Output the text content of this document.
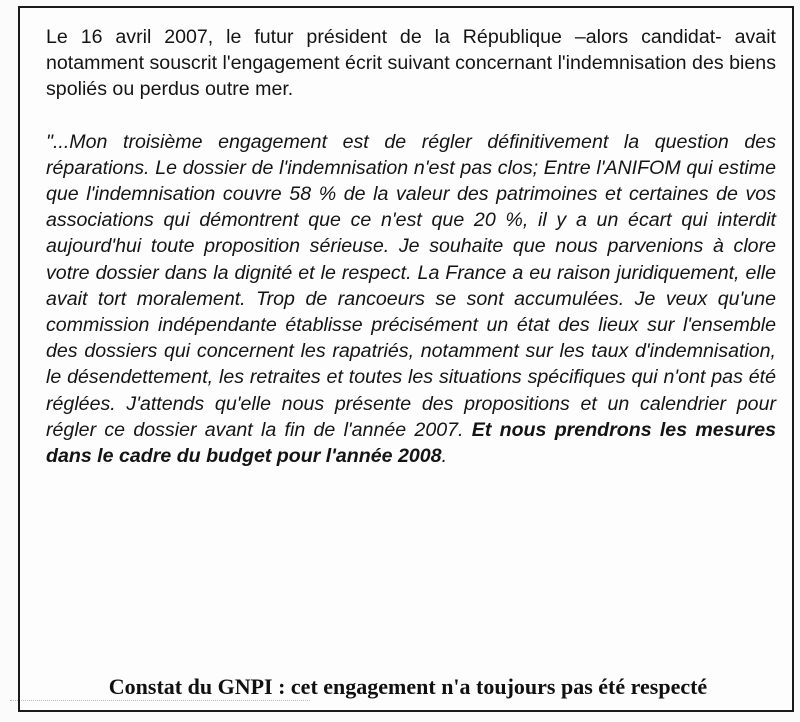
Le 16 avril 2007, le futur président de la République –alors candidat- avait notamment souscrit l'engagement écrit suivant concernant l'indemnisation des biens spoliés ou perdus outre mer.

"...Mon troisième engagement est de régler définitivement la question des réparations. Le dossier de l'indemnisation n'est pas clos; Entre l'ANIFOM qui estime que l'indemnisation couvre 58 % de la valeur des patrimoines et certaines de vos associations qui démontrent que ce n'est que 20 %, il y a un écart qui interdit aujourd'hui toute proposition sérieuse. Je souhaite que nous parvenions à clore votre dossier dans la dignité et le respect. La France a eu raison juridiquement, elle avait tort moralement. Trop de rancoeurs se sont accumulées. Je veux qu'une commission indépendante établisse précisément un état des lieux sur l'ensemble des dossiers qui concernent les rapatriés, notamment sur les taux d'indemnisation, le désendettement, les retraites et toutes les situations spécifiques qui n'ont pas été réglées. J'attends qu'elle nous présente des propositions et un calendrier pour régler ce dossier avant la fin de l'année 2007. Et nous prendrons les mesures dans le cadre du budget pour l'année 2008.

Constat du GNPI : cet engagement n'a toujours pas été respecté
